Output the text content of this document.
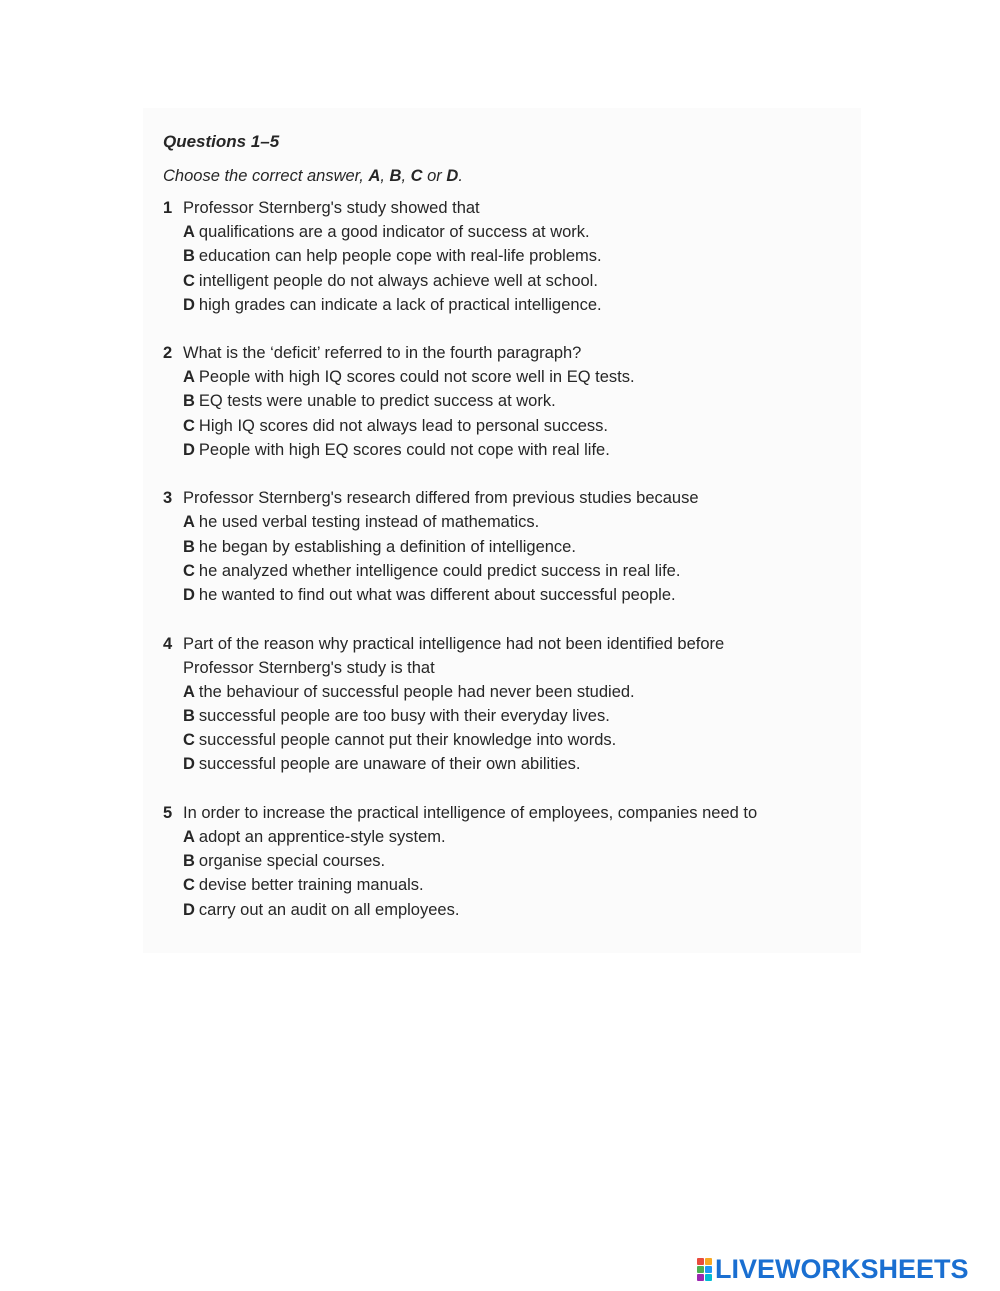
Questions 1–5
Choose the correct answer, A, B, C or D.
1 Professor Sternberg's study showed that
A qualifications are a good indicator of success at work.
B education can help people cope with real-life problems.
C intelligent people do not always achieve well at school.
D high grades can indicate a lack of practical intelligence.
2 What is the ‘deficit’ referred to in the fourth paragraph?
A People with high IQ scores could not score well in EQ tests.
B EQ tests were unable to predict success at work.
C High IQ scores did not always lead to personal success.
D People with high EQ scores could not cope with real life.
3 Professor Sternberg's research differed from previous studies because
A he used verbal testing instead of mathematics.
B he began by establishing a definition of intelligence.
C he analyzed whether intelligence could predict success in real life.
D he wanted to find out what was different about successful people.
4 Part of the reason why practical intelligence had not been identified before Professor Sternberg's study is that
A the behaviour of successful people had never been studied.
B successful people are too busy with their everyday lives.
C successful people cannot put their knowledge into words.
D successful people are unaware of their own abilities.
5 In order to increase the practical intelligence of employees, companies need to
A adopt an apprentice-style system.
B organise special courses.
C devise better training manuals.
D carry out an audit on all employees.
LIVEWORKSHEETS
